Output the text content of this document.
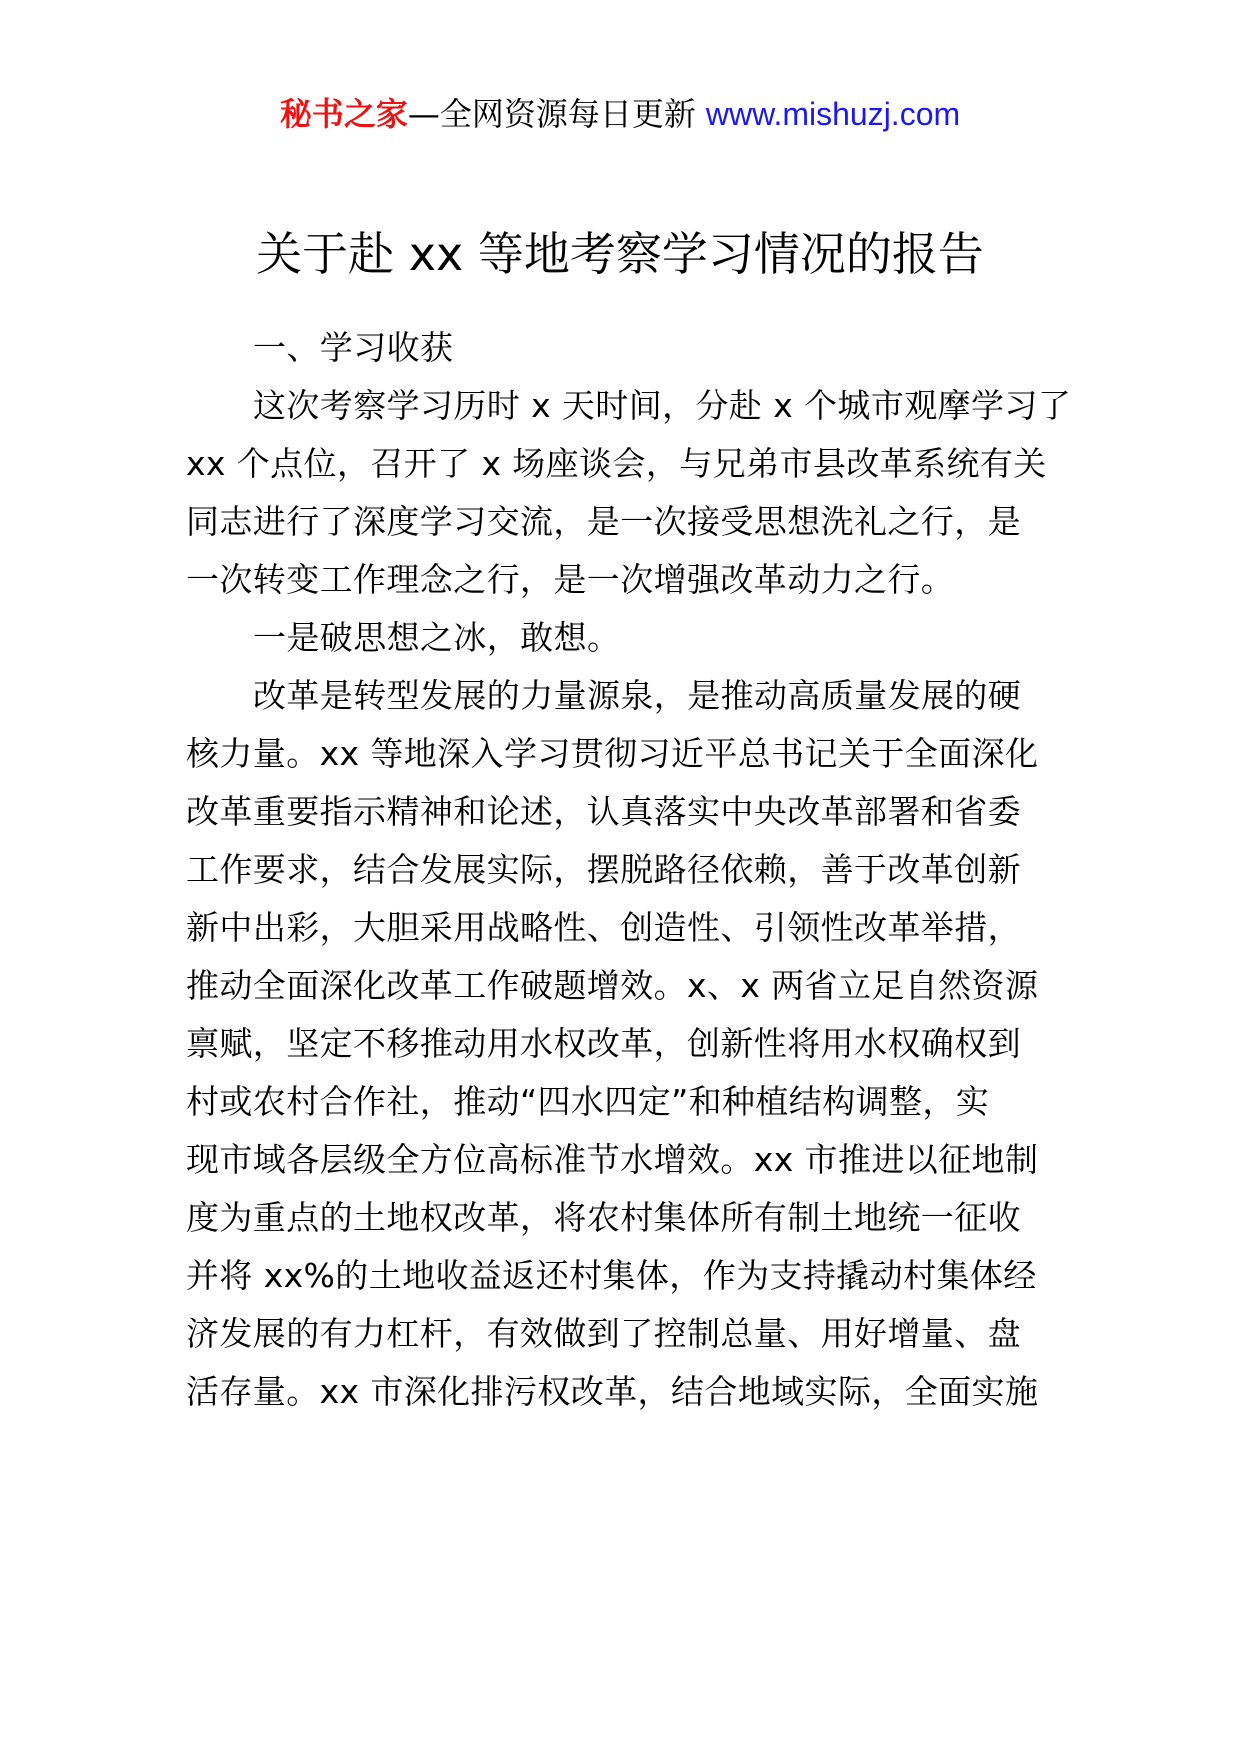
秘书之家—全网资源每日更新 www.mishuzj.com
关于赴 xx 等地考察学习情况的报告
一、学习收获
这次考察学习历时 x 天时间，分赴 x 个城市观摩学习了
xx 个点位，召开了 x 场座谈会，与兄弟市县改革系统有关
同志进行了深度学习交流，是一次接受思想洗礼之行，是
一次转变工作理念之行，是一次增强改革动力之行。
一是破思想之冰，敢想。
改革是转型发展的力量源泉，是推动高质量发展的硬
核力量。xx 等地深入学习贯彻习近平总书记关于全面深化
改革重要指示精神和论述，认真落实中央改革部署和省委
工作要求，结合发展实际，摆脱路径依赖，善于改革创新
新中出彩，大胆采用战略性、创造性、引领性改革举措，
推动全面深化改革工作破题增效。x、x 两省立足自然资源
禀赋，坚定不移推动用水权改革，创新性将用水权确权到
村或农村合作社，推动“四水四定”和种植结构调整，实
现市域各层级全方位高标准节水增效。xx 市推进以征地制
度为重点的土地权改革，将农村集体所有制土地统一征收
并将 xx%的土地收益返还村集体，作为支持撬动村集体经
济发展的有力杠杆，有效做到了控制总量、用好增量、盘
活存量。xx 市深化排污权改革，结合地域实际，全面实施
